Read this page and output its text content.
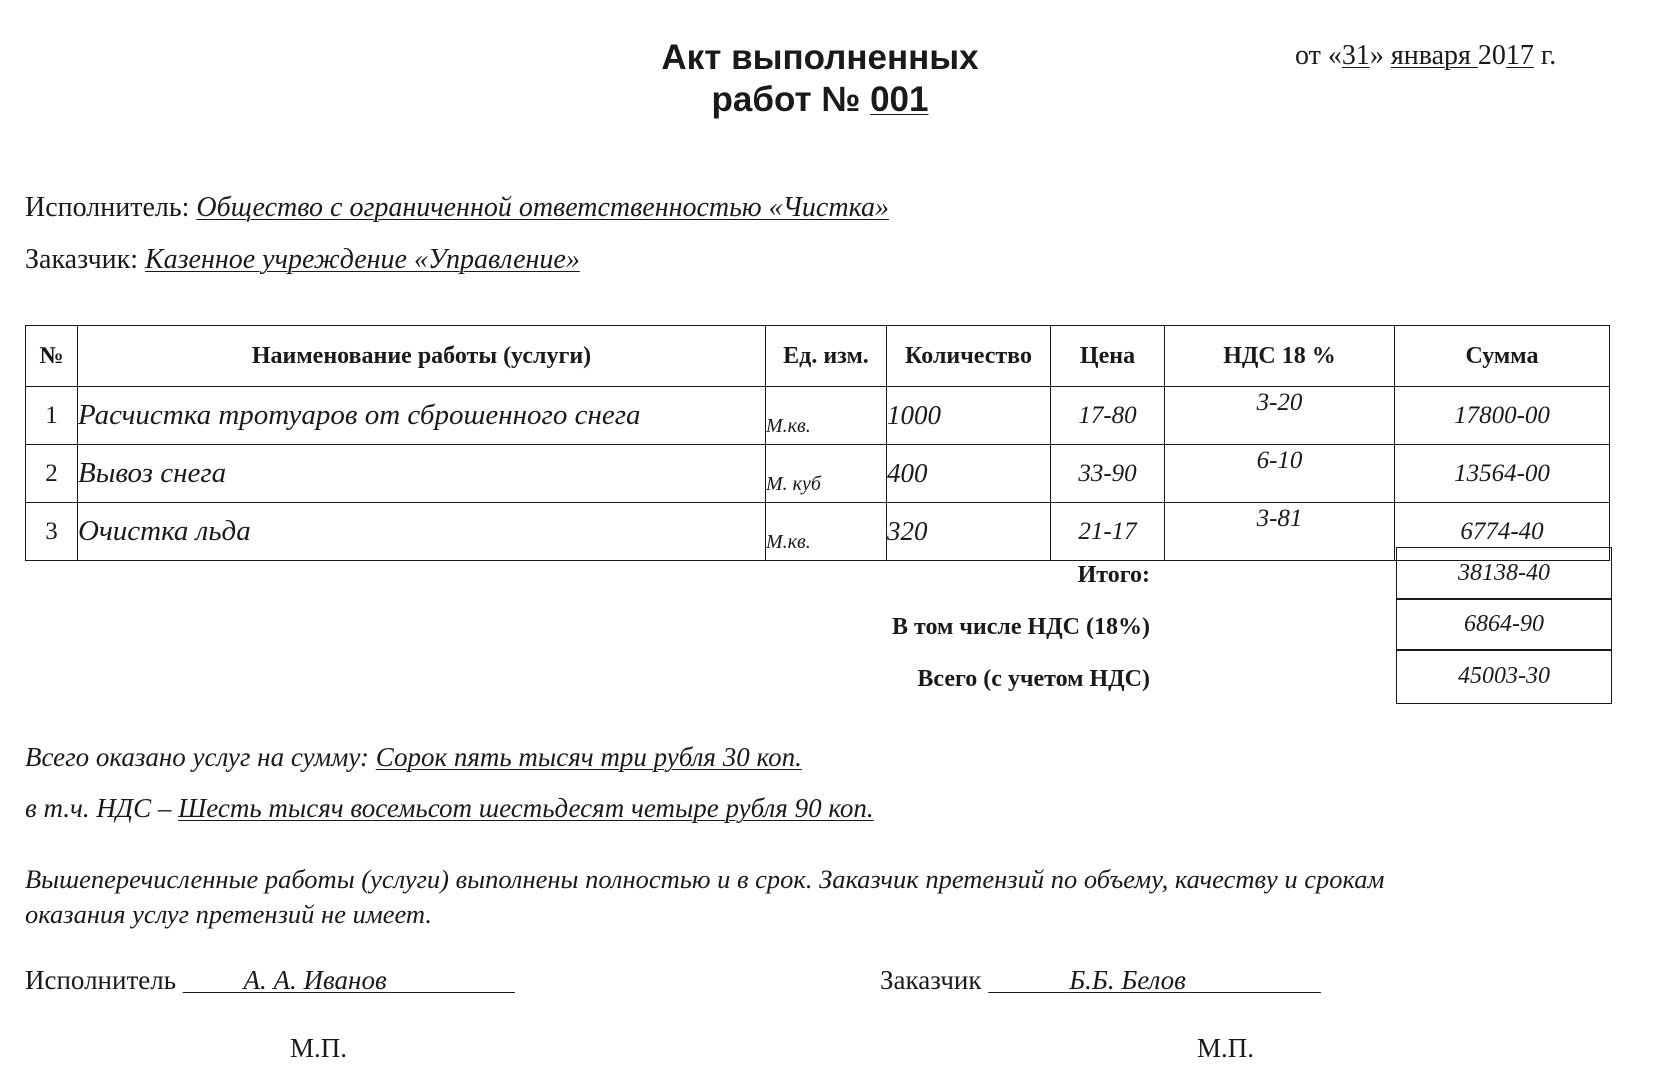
Акт выполненных
работ № 001
от «31» января 2017 г.
Исполнитель: Общество с ограниченной ответственностью «Чистка»
Заказчик: Казенное учреждение «Управление»
№	Наименование работы (услуги)	Ед. изм.	Количество	Цена	НДС 18 %	Сумма
1	Расчистка тротуаров от сброшенного снега	М.кв.	1000	17-80	3-20	17800-00
2	Вывоз снега	М. куб	400	33-90	6-10	13564-00
3	Очистка льда	М.кв.	320	21-17	3-81	6774-40
Итого:	38138-40
В том числе НДС (18%)	6864-90
Всего (с учетом НДС)	45003-30
Всего оказано услуг на сумму: Сорок пять тысяч три рубля 30 коп.
в т.ч. НДС – Шесть тысяч восемьсот шестьдесят четыре рубля 90 коп.
Вышеперечисленные работы (услуги) выполнены полностью и в срок. Заказчик претензий по объему, качеству и срокам
оказания услуг претензий не имеет.
Исполнитель          А. А. Иванов	Заказчик	Б.Б. Белов
М.П.	М.П.
